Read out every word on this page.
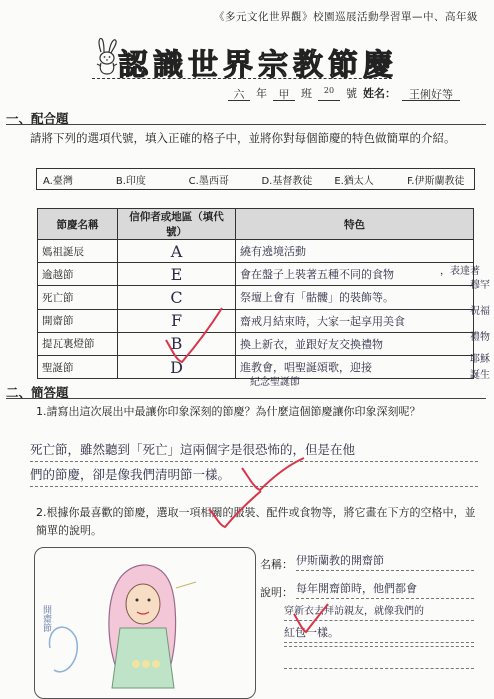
《多元文化世界觀》校園巡展活動學習單—中、高年級
認識世界宗教節慶
六	年	甲	班	20	號 姓名：	王俐好等
一、配合題
請將下列的選項代號，填入正確的格子中，並將你對每個節慶的特色做簡單的介紹。
A.臺灣	B.印度	C.墨西哥	D.基督教徒	E.猶太人	F.伊斯蘭教徒
節慶名稱	信仰者或地區（填代號）	特色
媽祖誕辰	A	繞有遶境活動
逾越節	E	會在盤子上裝著五種不同的食物
死亡節	C	祭壇上會有「骷髏」的裝飾等。
開齋節	F	齋戒月結束時，大家一起享用美食
提瓦裏燈節	B	換上新衣，並跟好友交換禮物
聖誕節	D	進教會，唱聖誕頌歌，迎接
，表達著
穆罕
祝福
禮物
耶穌
誕生
紀念聖誕節
二、簡答題
1.請寫出這次展出中最讓你印象深刻的節慶？為什麼這個節慶讓你印象深刻呢？
死亡節，雖然聽到「死亡」這兩個字是很恐怖的，但是在他
們的節慶，卻是像我們清明節一樣。
2.根據你最喜歡的節慶，選取一項相關的服裝、配件或食物等，將它畫在下方的空格中，並簡單的說明。
開齋節
名稱： 伊斯蘭教的開齋節
說明： 每年開齋節時，他們都會
穿新衣去拜訪親友，就像我們的
紅包一樣。
